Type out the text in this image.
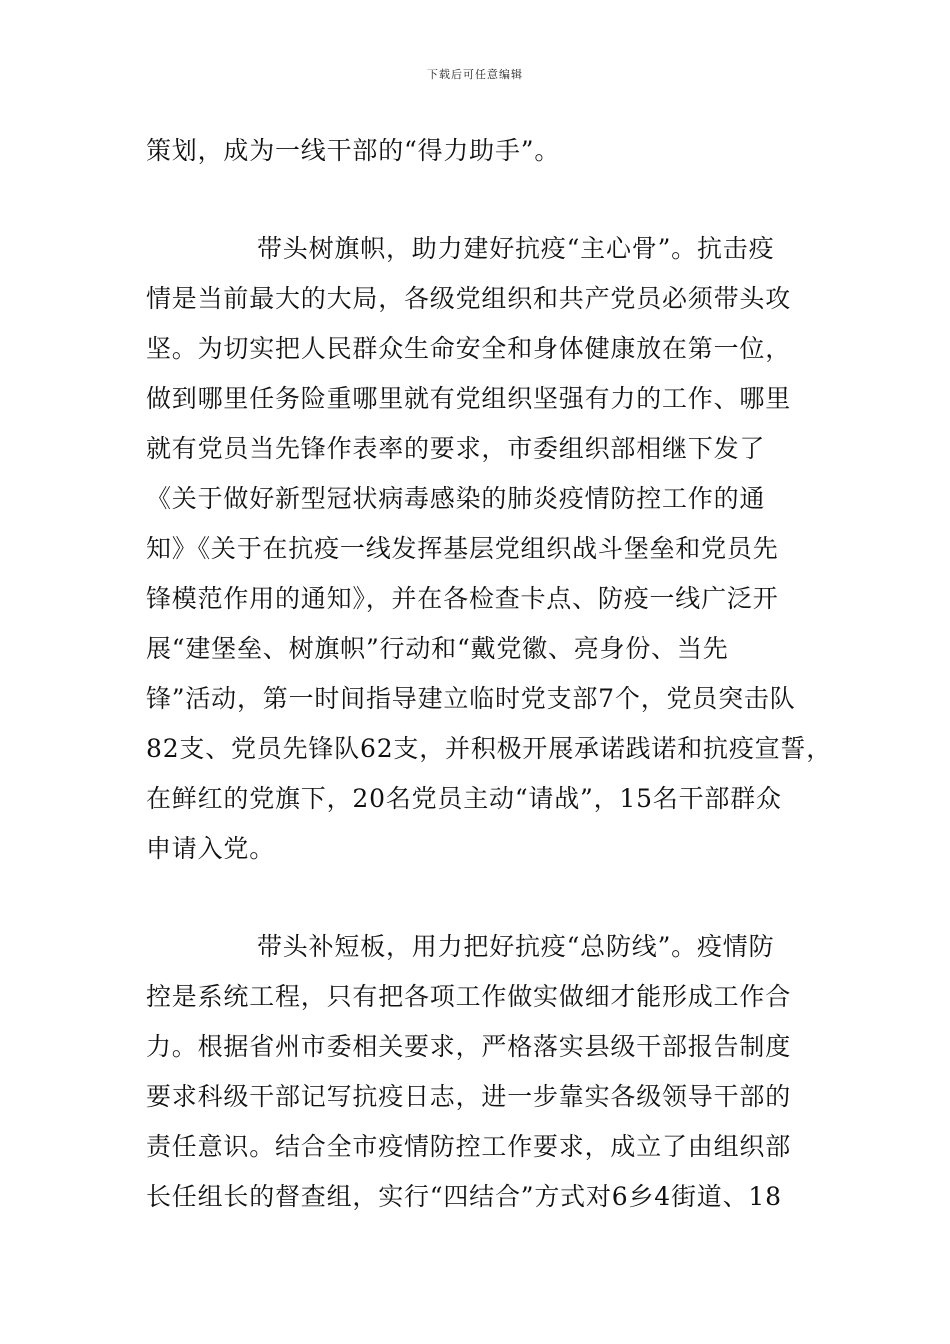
下载后可任意编辑
策划，成为一线干部的“得力助手”。
带头树旗帜，助力建好抗疫“主心骨”。抗击疫
情是当前最大的大局，各级党组织和共产党员必须带头攻
坚。为切实把人民群众生命安全和身体健康放在第一位，
做到哪里任务险重哪里就有党组织坚强有力的工作、哪里
就有党员当先锋作表率的要求，市委组织部相继下发了
《关于做好新型冠状病毒感染的肺炎疫情防控工作的通
知》《关于在抗疫一线发挥基层党组织战斗堡垒和党员先
锋模范作用的通知》，并在各检查卡点、防疫一线广泛开
展“建堡垒、树旗帜”行动和“戴党徽、亮身份、当先
锋”活动，第一时间指导建立临时党支部7个，党员突击队
82支、党员先锋队62支，并积极开展承诺践诺和抗疫宣誓，
在鲜红的党旗下，20名党员主动“请战”，15名干部群众
申请入党。
带头补短板，用力把好抗疫“总防线”。疫情防
控是系统工程，只有把各项工作做实做细才能形成工作合
力。根据省州市委相关要求，严格落实县级干部报告制度
要求科级干部记写抗疫日志，进一步靠实各级领导干部的
责任意识。结合全市疫情防控工作要求，成立了由组织部
长任组长的督查组，实行“四结合”方式对6乡4街道、18
